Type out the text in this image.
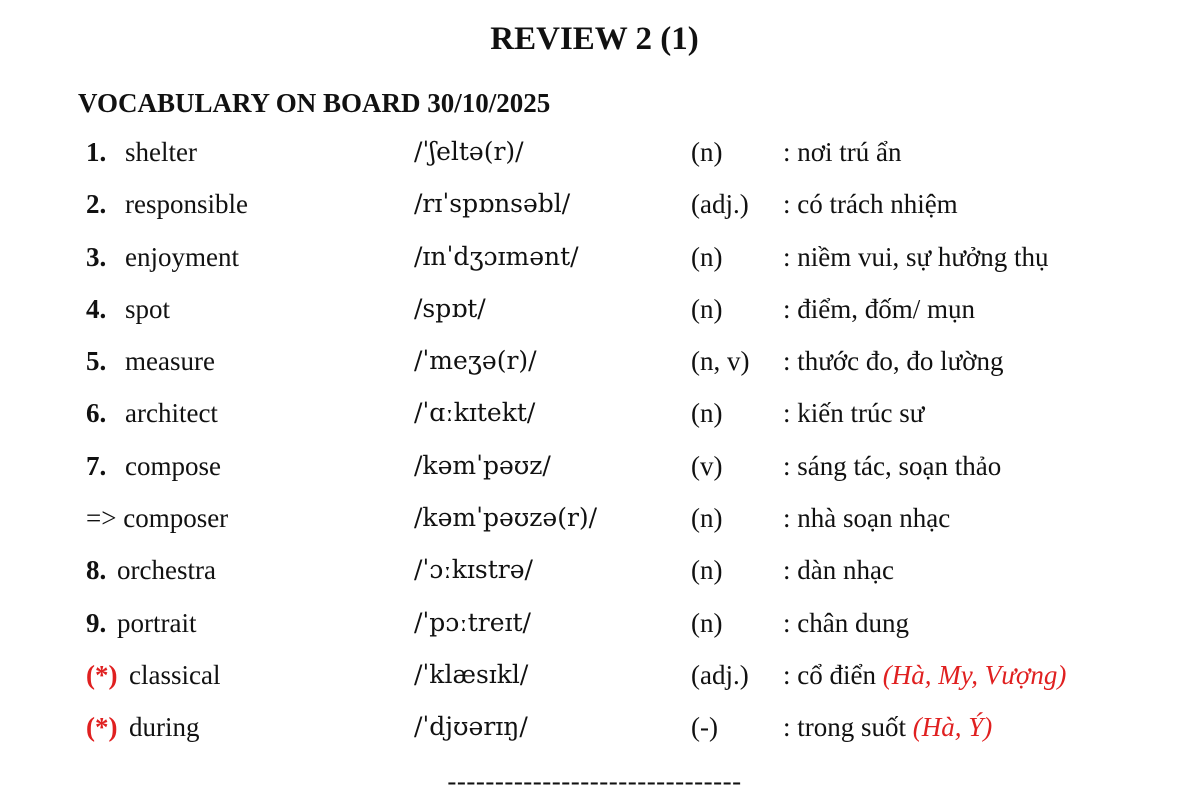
REVIEW 2 (1)
VOCABULARY ON BOARD 30/10/2025
1. shelter	/ˈʃeltə(r)/	(n) : nơi trú ẩn
2. responsible	/rɪˈspɒnsəbl/	(adj.) : có trách nhiệm
3. enjoyment	/ɪnˈdʒɔɪmənt/	(n) : niềm vui, sự hưởng thụ
4. spot	/spɒt/	(n) : điểm, đốm/ mụn
5. measure	/ˈmeʒə(r)/	(n, v) : thước đo, đo lường
6. architect	/ˈɑːkɪtekt/	(n) : kiến trúc sư
7. compose	/kəmˈpəʊz/	(v) : sáng tác, soạn thảo
=> composer	/kəmˈpəʊzə(r)/	(n) : nhà soạn nhạc
8. orchestra	/ˈɔːkɪstrə/	(n) : dàn nhạc
9. portrait	/ˈpɔːtreɪt/	(n) : chân dung
(*) classical	/ˈklæsɪkl/	(adj.) : cổ điển (Hà, My, Vượng)
(*) during	/ˈdjʊərɪŋ/	(-) : trong suốt (Hà, Ý)
-------------------------------
